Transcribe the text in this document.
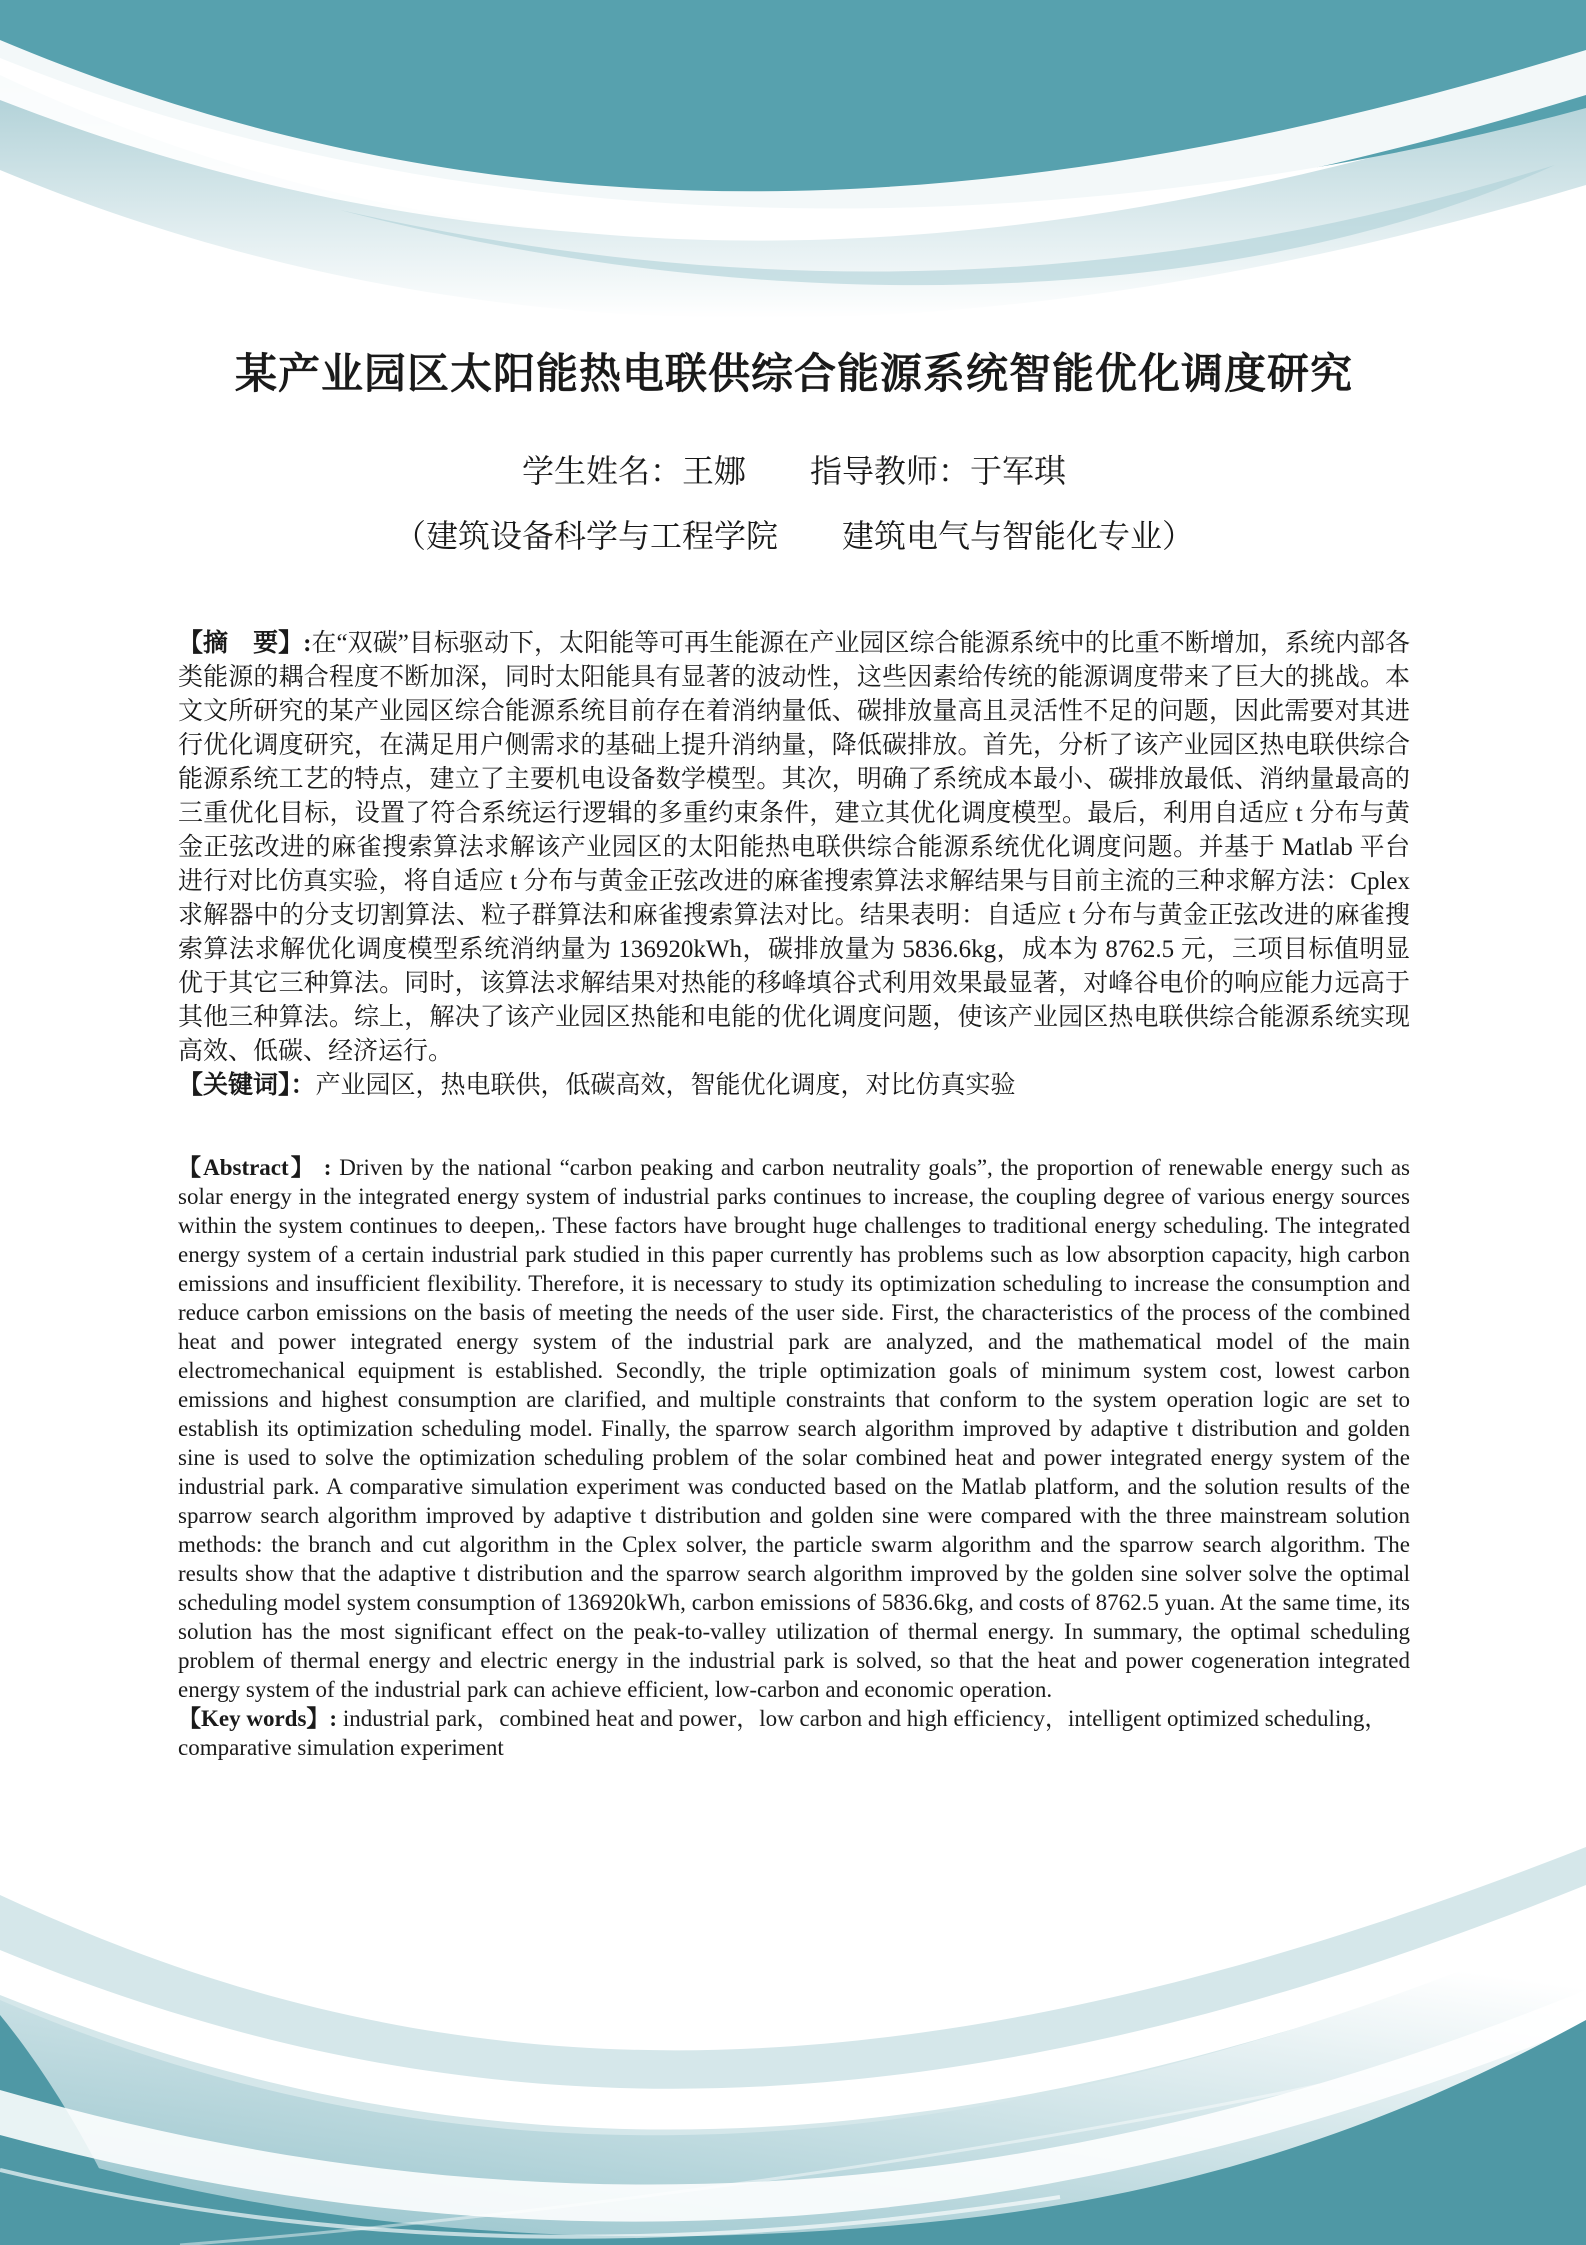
某产业园区太阳能热电联供综合能源系统智能优化调度研究

学生姓名：王娜　　指导教师：于军琪

（建筑设备科学与工程学院　　建筑电气与智能化专业）

【摘　要】:在“双碳”目标驱动下，太阳能等可再生能源在产业园区综合能源系统中的比重不断增加，系统内部各类能源的耦合程度不断加深，同时太阳能具有显著的波动性，这些因素给传统的能源调度带来了巨大的挑战。本文文所研究的某产业园区综合能源系统目前存在着消纳量低、碳排放量高且灵活性不足的问题，因此需要对其进行优化调度研究，在满足用户侧需求的基础上提升消纳量，降低碳排放。首先，分析了该产业园区热电联供综合能源系统工艺的特点，建立了主要机电设备数学模型。其次，明确了系统成本最小、碳排放最低、消纳量最高的三重优化目标，设置了符合系统运行逻辑的多重约束条件，建立其优化调度模型。最后，利用自适应 t 分布与黄金正弦改进的麻雀搜索算法求解该产业园区的太阳能热电联供综合能源系统优化调度问题。并基于 Matlab 平台进行对比仿真实验，将自适应 t 分布与黄金正弦改进的麻雀搜索算法求解结果与目前主流的三种求解方法：Cplex 求解器中的分支切割算法、粒子群算法和麻雀搜索算法对比。结果表明：自适应 t 分布与黄金正弦改进的麻雀搜索算法求解优化调度模型系统消纳量为 136920kWh，碳排放量为 5836.6kg，成本为 8762.5 元，三项目标值明显优于其它三种算法。同时，该算法求解结果对热能的移峰填谷式利用效果最显著，对峰谷电价的响应能力远高于其他三种算法。综上，解决了该产业园区热能和电能的优化调度问题，使该产业园区热电联供综合能源系统实现高效、低碳、经济运行。

【关键词】：产业园区，热电联供，低碳高效，智能优化调度，对比仿真实验

【Abstract】 : Driven by the national “carbon peaking and carbon neutrality goals”, the proportion of renewable energy such as solar energy in the integrated energy system of industrial parks continues to increase, the coupling degree of various energy sources within the system continues to deepen,. These factors have brought huge challenges to traditional energy scheduling. The integrated energy system of a certain industrial park studied in this paper currently has problems such as low absorption capacity, high carbon emissions and insufficient flexibility. Therefore, it is necessary to study its optimization scheduling to increase the consumption and reduce carbon emissions on the basis of meeting the needs of the user side. First, the characteristics of the process of the combined heat and power integrated energy system of the industrial park are analyzed, and the mathematical model of the main electromechanical equipment is established. Secondly, the triple optimization goals of minimum system cost, lowest carbon emissions and highest consumption are clarified, and multiple constraints that conform to the system operation logic are set to establish its optimization scheduling model. Finally, the sparrow search algorithm improved by adaptive t distribution and golden sine is used to solve the optimization scheduling problem of the solar combined heat and power integrated energy system of the industrial park. A comparative simulation experiment was conducted based on the Matlab platform, and the solution results of the sparrow search algorithm improved by adaptive t distribution and golden sine were compared with the three mainstream solution methods: the branch and cut algorithm in the Cplex solver, the particle swarm algorithm and the sparrow search algorithm. The results show that the adaptive t distribution and the sparrow search algorithm improved by the golden sine solver solve the optimal scheduling model system consumption of 136920kWh, carbon emissions of 5836.6kg, and costs of 8762.5 yuan. At the same time, its solution has the most significant effect on the peak-to-valley utilization of thermal energy. In summary, the optimal scheduling problem of thermal energy and electric energy in the industrial park is solved, so that the heat and power cogeneration integrated energy system of the industrial park can achieve efficient, low-carbon and economic operation.

【Key words】: industrial park，combined heat and power，low carbon and high efficiency，intelligent optimized scheduling，comparative simulation experiment
